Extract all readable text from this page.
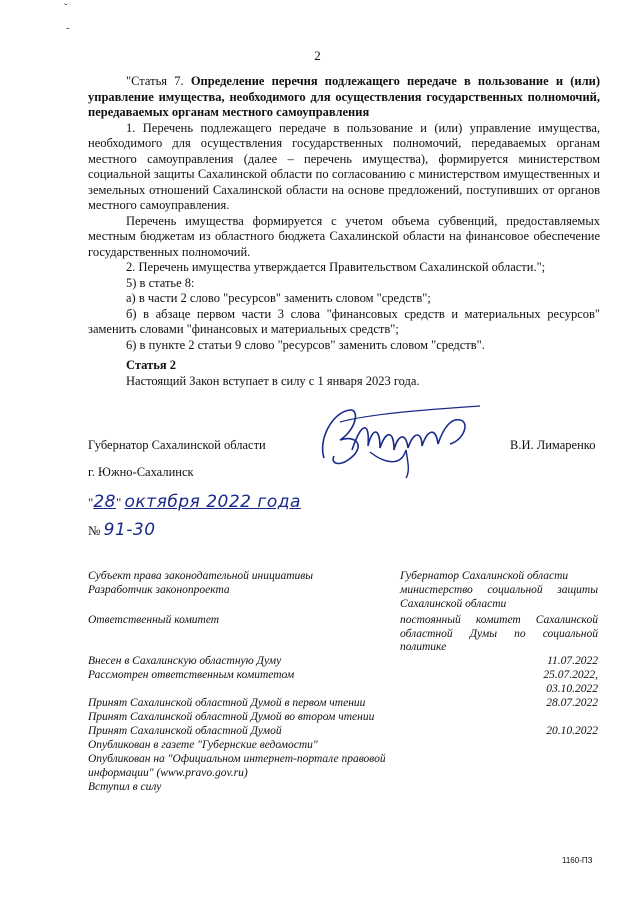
ˇ
-
2

"Статья 7. Определение перечня подлежащего передаче в пользование и (или) управление имущества, необходимого для осуществления государственных полномочий, передаваемых органам местного самоуправления

1. Перечень подлежащего передаче в пользование и (или) управление имущества, необходимого для осуществления государственных полномочий, передаваемых органам местного самоуправления (далее – перечень имущества), формируется министерством социальной защиты Сахалинской области по согласованию с министерством имущественных и земельных отношений Сахалинской области на основе предложений, поступивших от органов местного самоуправления.

Перечень имущества формируется с учетом объема субвенций, предоставляемых местным бюджетам из областного бюджета Сахалинской области на финансовое обеспечение государственных полномочий.

2. Перечень имущества утверждается Правительством Сахалинской области.";

5) в статье 8:

а) в части 2 слово "ресурсов" заменить словом "средств";

б) в абзаце первом части 3 слова "финансовых средств и материальных ресурсов" заменить словами "финансовых и материальных средств";

6) в пункте 2 статьи 9 слово "ресурсов" заменить словом "средств".

Статья 2
Настоящий Закон вступает в силу с 1 января 2023 года.
Губернатор Сахалинской области	В.И. Лимаренко
г. Южно-Сахалинск
"28" октября 2022 года
№ 91-30
Субъект права законодательной инициативы	Губернатор Сахалинской области
Разработчик законопроекта	министерство социальной защиты Сахалинской области
Ответственный комитет	постоянный комитет Сахалинской областной Думы по социальной политике
Внесен в Сахалинскую областную Думу	11.07.2022
Рассмотрен ответственным комитетом	25.07.2022,
03.10.2022
Принят Сахалинской областной Думой в первом чтении	28.07.2022
Принят Сахалинской областной Думой во втором чтении
Принят Сахалинской областной Думой	20.10.2022
Опубликован в газете "Губернские ведомости"
Опубликован на "Официальном интернет-портале правовой информации" (www.pravo.gov.ru)
Вступил в силу
1160-ПЗ
